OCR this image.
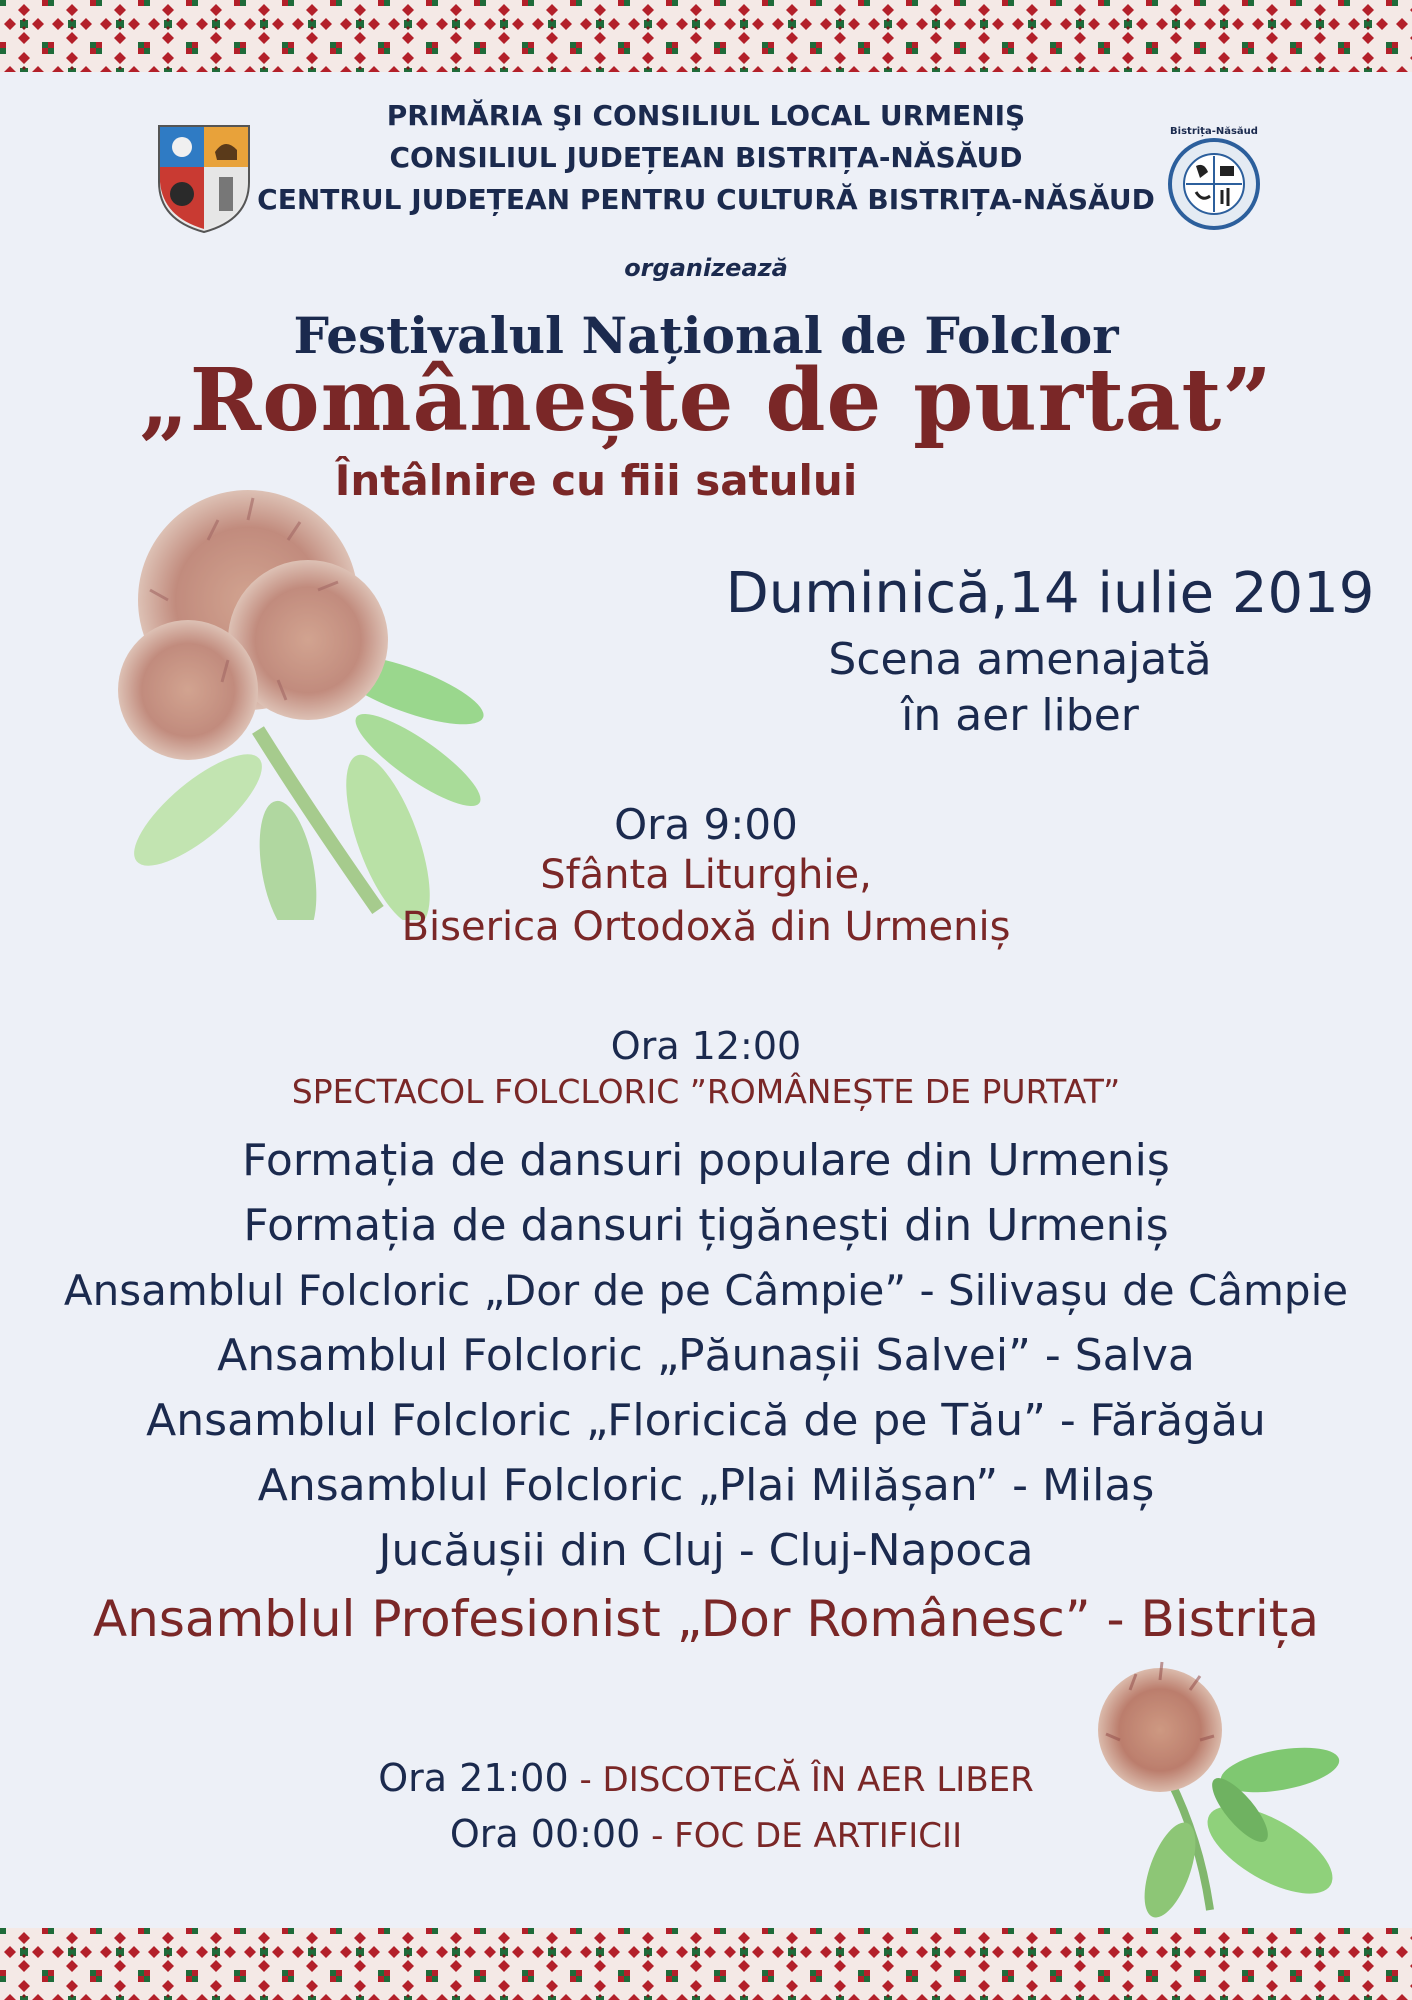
Bistrița-Năsăud
PRIMĂRIA ŞI CONSILIUL LOCAL URMENIŞ
CONSILIUL JUDEȚEAN BISTRIȚA-NĂSĂUD
CENTRUL JUDEȚEAN PENTRU CULTURĂ BISTRIȚA-NĂSĂUD
organizează
Festivalul Național de Folclor
„Românește de purtat”
Întâlnire cu fiii satului
Duminică,14 iulie 2019
Scena amenajată
în aer liber
Ora 9:00
Sfânta Liturghie,
Biserica Ortodoxă din Urmeniș
Ora 12:00
SPECTACOL FOLCLORIC ”ROMÂNEȘTE DE PURTAT”
Formația de dansuri populare din Urmeniș
Formația de dansuri țigănești din Urmeniș
Ansamblul Folcloric „Dor de pe Câmpie” - Silivașu de Câmpie
Ansamblul Folcloric „Păunașii Salvei” - Salva
Ansamblul Folcloric „Floricică de pe Tău” - Fărăgău
Ansamblul Folcloric „Plai Milășan” - Milaș
Jucăușii din Cluj - Cluj-Napoca
Ansamblul Profesionist „Dor Românesc” - Bistrița
Ora 21:00 - DISCOTECĂ ÎN AER LIBER
Ora 00:00 - FOC DE ARTIFICII
